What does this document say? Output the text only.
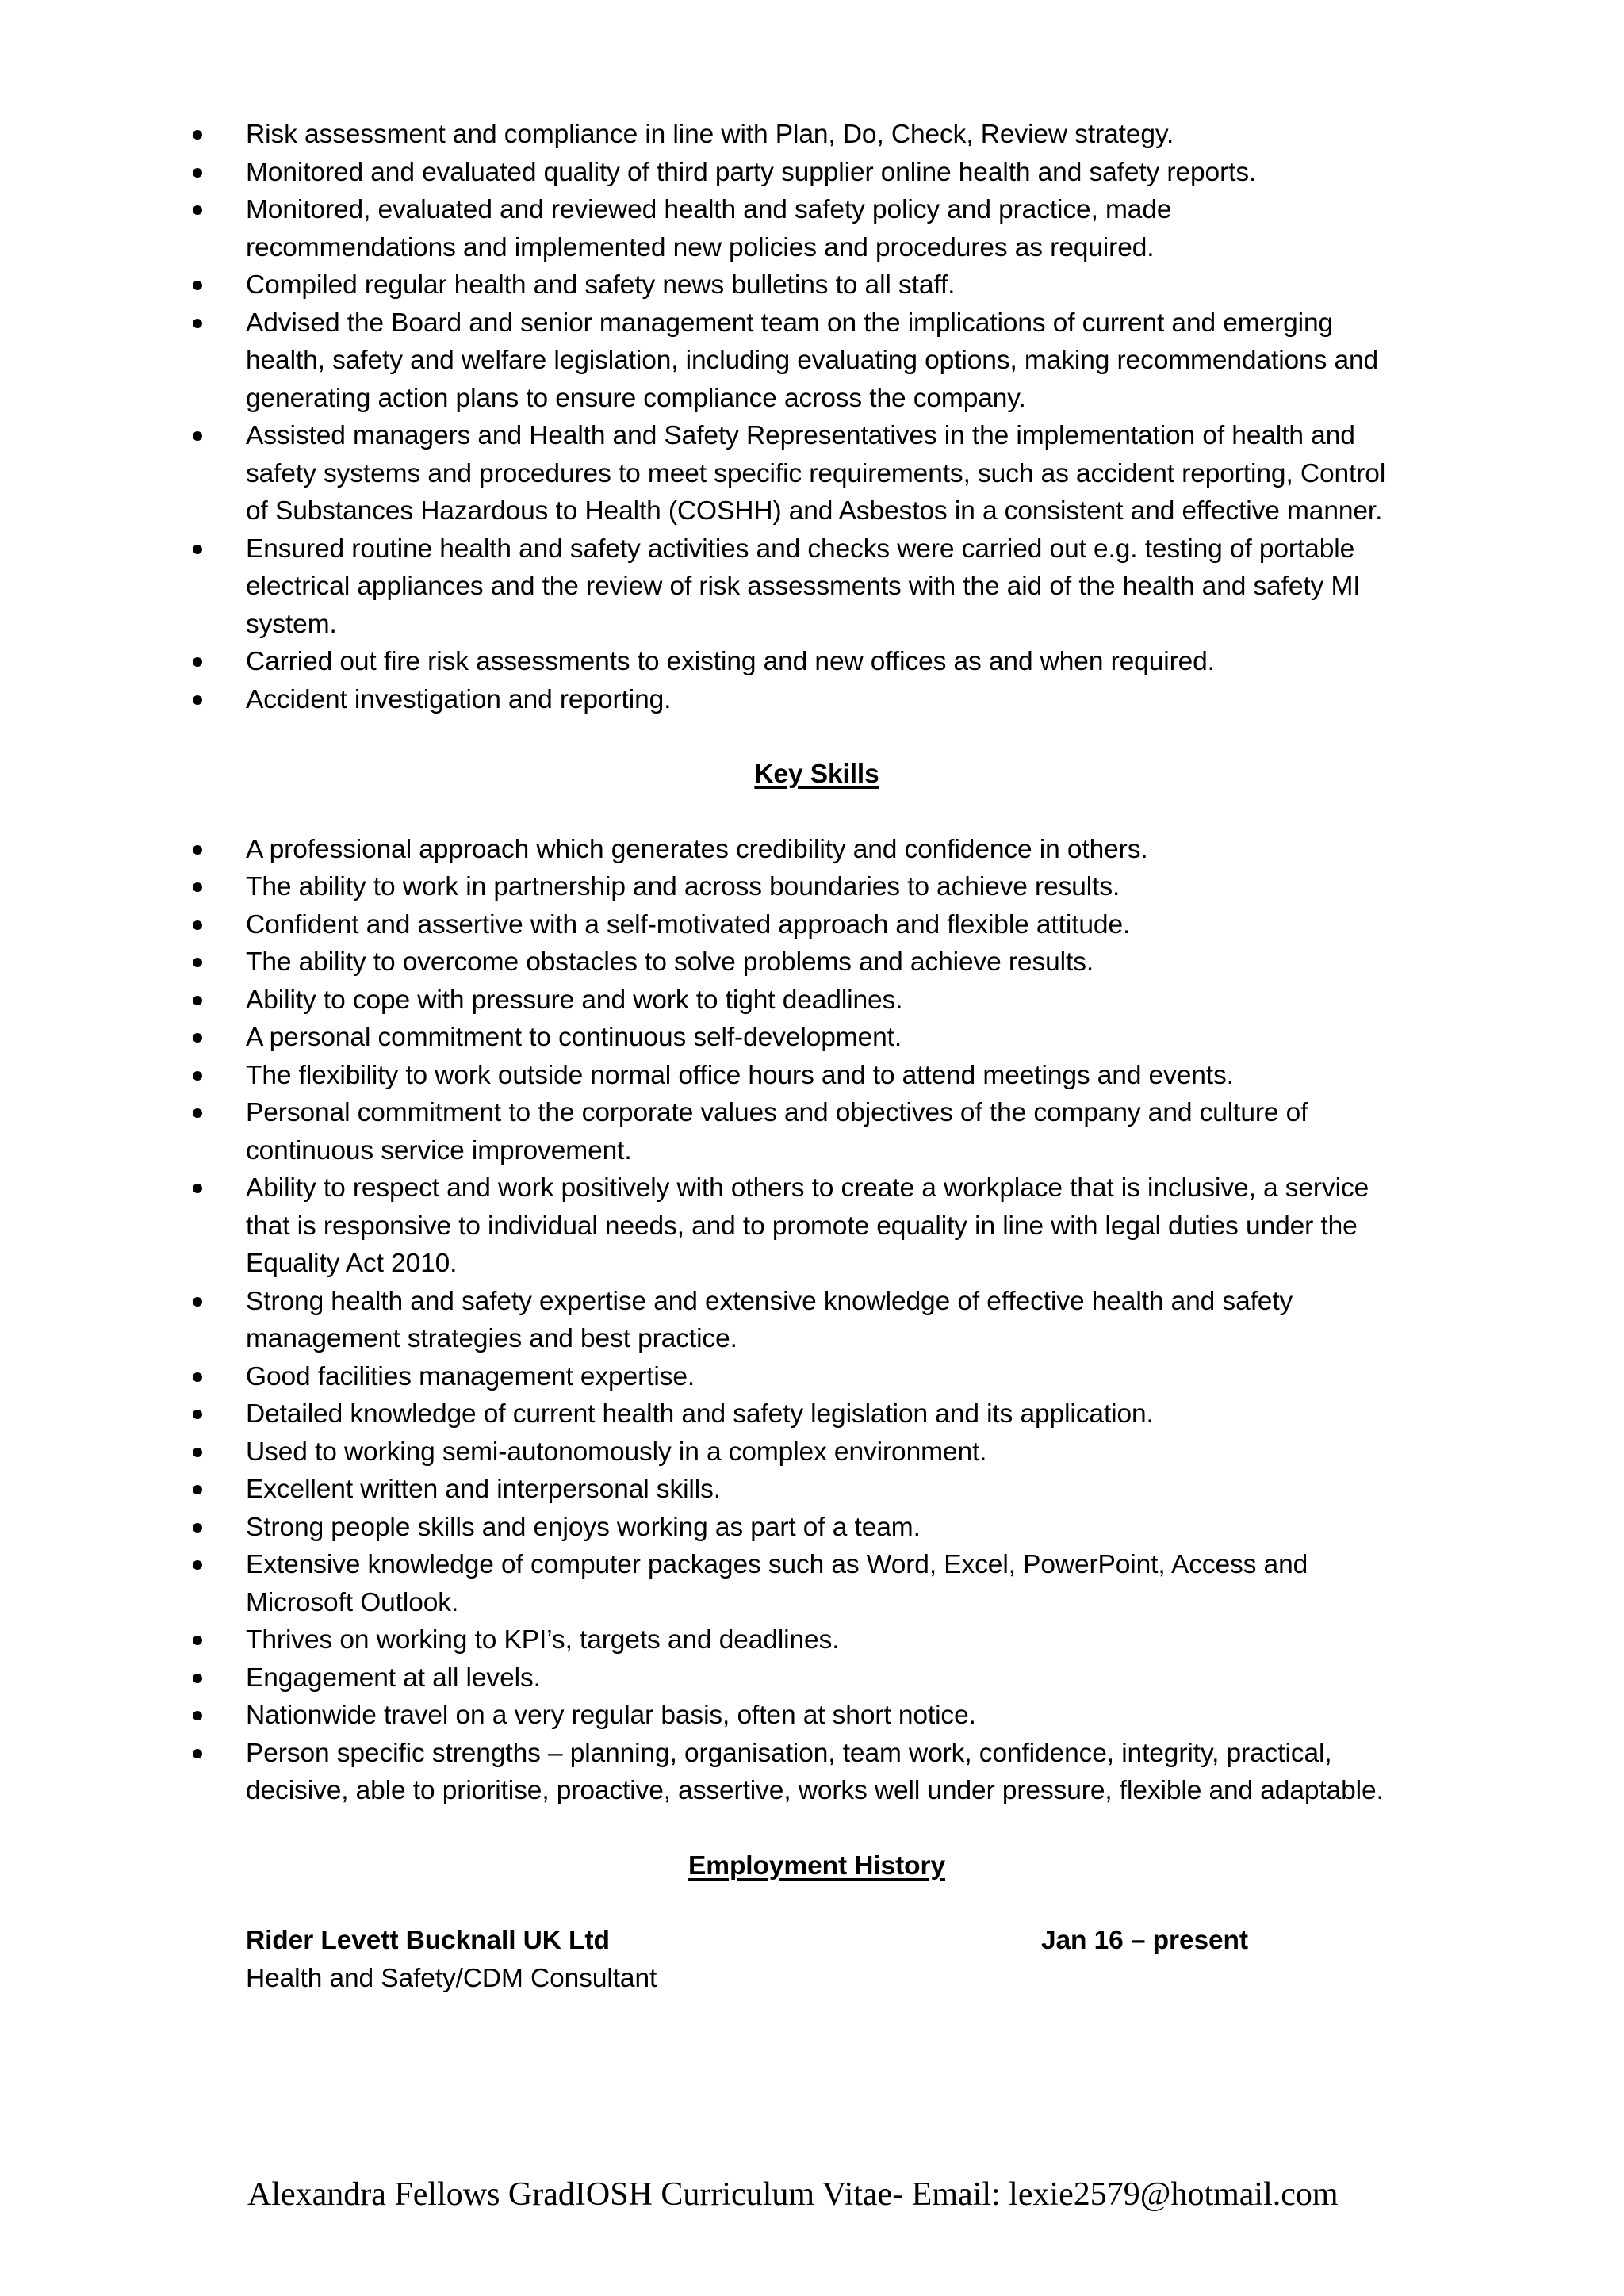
Risk assessment and compliance in line with Plan, Do, Check, Review strategy.
Monitored and evaluated quality of third party supplier online health and safety reports.
Monitored, evaluated and reviewed health and safety policy and practice, made recommendations and implemented new policies and procedures as required.
Compiled regular health and safety news bulletins to all staff.
Advised the Board and senior management team on the implications of current and emerging health, safety and welfare legislation, including evaluating options, making recommendations and generating action plans to ensure compliance across the company.
Assisted managers and Health and Safety Representatives in the implementation of health and safety systems and procedures to meet specific requirements, such as accident reporting, Control of Substances Hazardous to Health (COSHH) and Asbestos in a consistent and effective manner.
Ensured routine health and safety activities and checks were carried out e.g. testing of portable electrical appliances and the review of risk assessments with the aid of the health and safety MI system.
Carried out fire risk assessments to existing and new offices as and when required.
Accident investigation and reporting.
Key Skills
A professional approach which generates credibility and confidence in others.
The ability to work in partnership and across boundaries to achieve results.
Confident and assertive with a self-motivated approach and flexible attitude.
The ability to overcome obstacles to solve problems and achieve results.
Ability to cope with pressure and work to tight deadlines.
A personal commitment to continuous self-development.
The flexibility to work outside normal office hours and to attend meetings and events.
Personal commitment to the corporate values and objectives of the company and culture of continuous service improvement.
Ability to respect and work positively with others to create a workplace that is inclusive, a service that is responsive to individual needs, and to promote equality in line with legal duties under the Equality Act 2010.
Strong health and safety expertise and extensive knowledge of effective health and safety management strategies and best practice.
Good facilities management expertise.
Detailed knowledge of current health and safety legislation and its application.
Used to working semi-autonomously in a complex environment.
Excellent written and interpersonal skills.
Strong people skills and enjoys working as part of a team.
Extensive knowledge of computer packages such as Word, Excel, PowerPoint, Access and Microsoft Outlook.
Thrives on working to KPI’s, targets and deadlines.
Engagement at all levels.
Nationwide travel on a very regular basis, often at short notice.
Person specific strengths – planning, organisation, team work, confidence, integrity, practical, decisive, able to prioritise, proactive, assertive, works well under pressure, flexible and adaptable.
Employment History
Rider Levett Bucknall UK Ltd	Jan 16 – present

Health and Safety/CDM Consultant

Alexandra Fellows GradIOSH Curriculum Vitae- Email: lexie2579@hotmail.com
